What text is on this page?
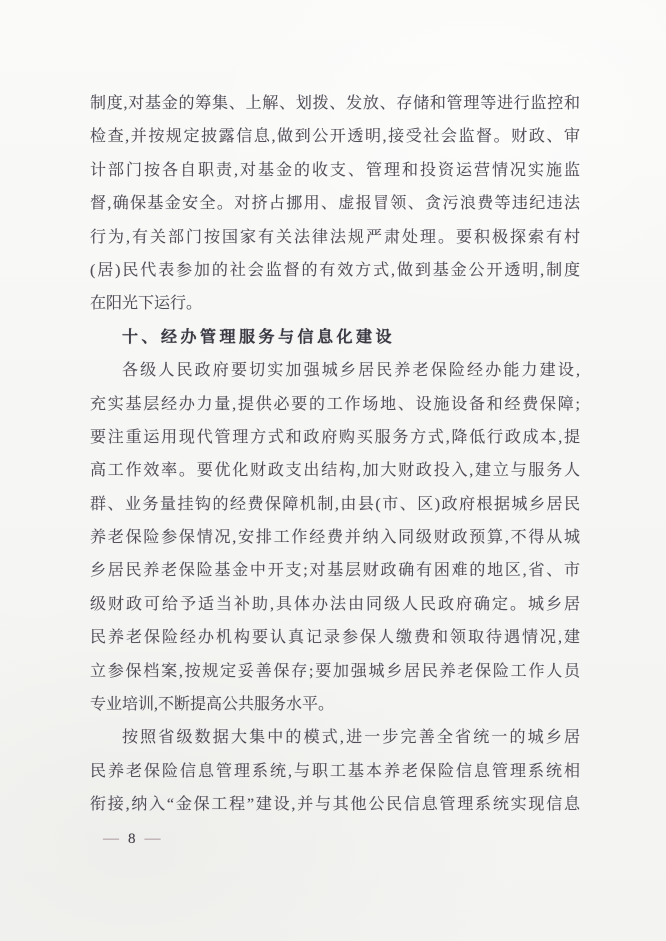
制度,对基金的筹集、上解、划拨、发放、存储和管理等进行监控和
检查,并按规定披露信息,做到公开透明,接受社会监督。财政、审
计部门按各自职责,对基金的收支、管理和投资运营情况实施监
督,确保基金安全。对挤占挪用、虚报冒领、贪污浪费等违纪违法
行为,有关部门按国家有关法律法规严肃处理。要积极探索有村
(居)民代表参加的社会监督的有效方式,做到基金公开透明,制度
在阳光下运行。
十、经办管理服务与信息化建设
各级人民政府要切实加强城乡居民养老保险经办能力建设,
充实基层经办力量,提供必要的工作场地、设施设备和经费保障;
要注重运用现代管理方式和政府购买服务方式,降低行政成本,提
高工作效率。要优化财政支出结构,加大财政投入,建立与服务人
群、业务量挂钩的经费保障机制,由县(市、区)政府根据城乡居民
养老保险参保情况,安排工作经费并纳入同级财政预算,不得从城
乡居民养老保险基金中开支;对基层财政确有困难的地区,省、市
级财政可给予适当补助,具体办法由同级人民政府确定。城乡居
民养老保险经办机构要认真记录参保人缴费和领取待遇情况,建
立参保档案,按规定妥善保存;要加强城乡居民养老保险工作人员
专业培训,不断提高公共服务水平。
按照省级数据大集中的模式,进一步完善全省统一的城乡居
民养老保险信息管理系统,与职工基本养老保险信息管理系统相
衔接,纳入“金保工程”建设,并与其他公民信息管理系统实现信息
— 8 —
